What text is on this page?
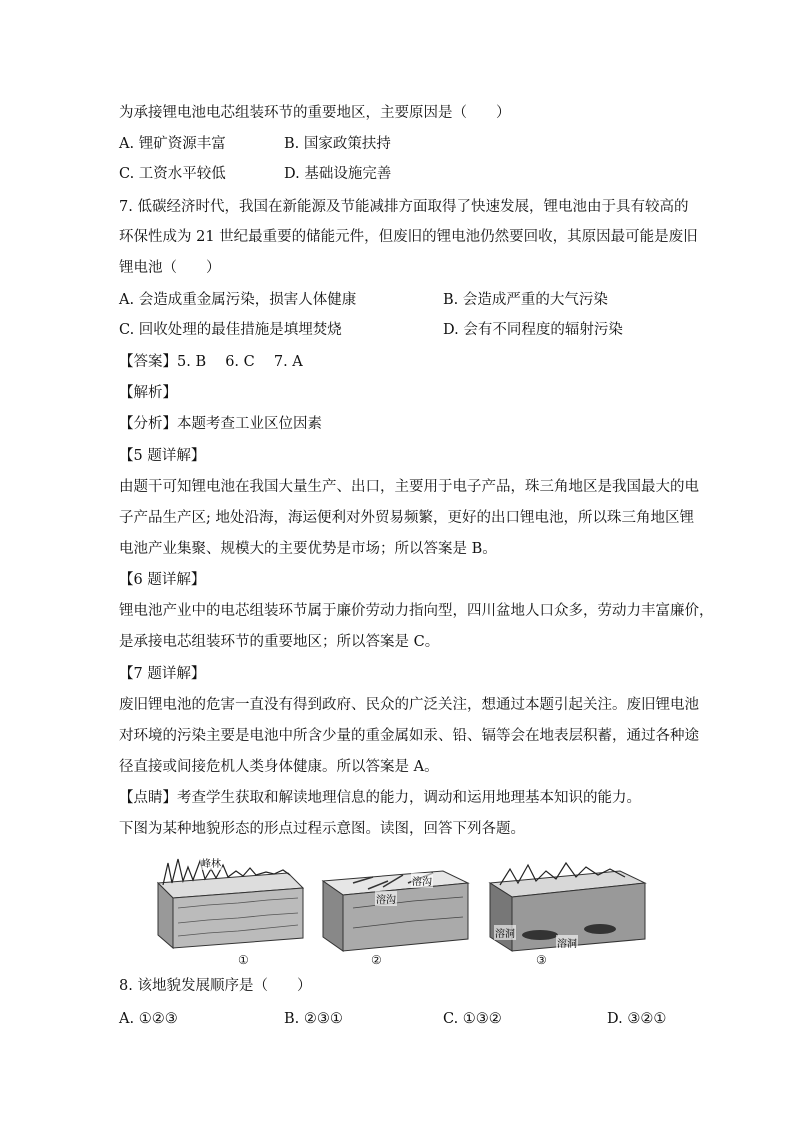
为承接锂电池电芯组装环节的重要地区，主要原因是（　　）
A. 锂矿资源丰富	B. 国家政策扶持
C. 工资水平较低	D. 基础设施完善
7. 低碳经济时代，我国在新能源及节能减排方面取得了快速发展，锂电池由于具有较高的
环保性成为 21 世纪最重要的储能元件，但废旧的锂电池仍然要回收，其原因最可能是废旧
锂电池（　　）
A. 会造成重金属污染，损害人体健康	B. 会造成严重的大气污染
C. 回收处理的最佳措施是填埋焚烧	D. 会有不同程度的辐射污染
【答案】5. B　 6. C　 7. A
【解析】
【分析】本题考查工业区位因素
【5 题详解】
由题干可知锂电池在我国大量生产、出口，主要用于电子产品，珠三角地区是我国最大的电
子产品生产区; 地处沿海，海运便利对外贸易频繁，更好的出口锂电池，所以珠三角地区锂
电池产业集聚、规模大的主要优势是市场；所以答案是 B。
【6 题详解】
锂电池产业中的电芯组装环节属于廉价劳动力指向型，四川盆地人口众多，劳动力丰富廉价，
是承接电芯组装环节的重要地区；所以答案是 C。
【7 题详解】
废旧锂电池的危害一直没有得到政府、民众的广泛关注，想通过本题引起关注。废旧锂电池
对环境的污染主要是电池中所含少量的重金属如汞、铅、镉等会在地表层积蓄，通过各种途
径直接或间接危机人类身体健康。所以答案是 A。
【点睛】考查学生获取和解读地理信息的能力，调动和运用地理基本知识的能力。
下图为某种地貌形态的形点过程示意图。读图，回答下列各题。
峰林
①
溶沟
溶沟
②
溶洞
溶洞
③
8. 该地貌发展顺序是（　　）
A. ①②③	B. ②③①	C. ①③②	D. ③②①
